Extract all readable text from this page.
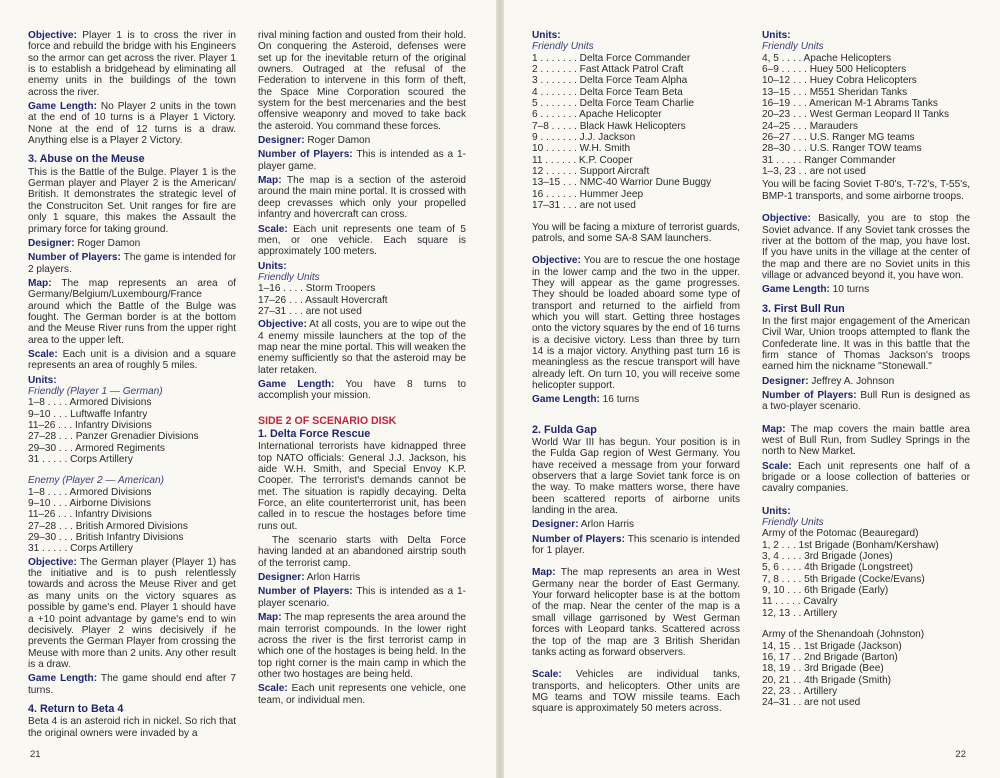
Objective: Player 1 is to cross the river in force and rebuild the bridge with his Engineers so the armor can get across the river. Player 1 is to establish a bridgehead by eliminating all enemy units in the buildings of the town across the river.

Game Length: No Player 2 units in the town at the end of 10 turns is a Player 1 Victory. None at the end of 12 turns is a draw. Anything else is a Player 2 Victory.

3. Abuse on the Meuse

This is the Battle of the Bulge. Player 1 is the German player and Player 2 is the American/ British. It demonstrates the strategic level of the Construciton Set. Unit ranges for fire are only 1 square, this makes the Assault the primary force for taking ground.

Designer: Roger Damon

Number of Players: The game is intended for 2 players.

Map: The map represents an area of Germany/Belgium/Luxembourg/France around which the Battle of the Bulge was fought. The German border is at the bottom and the Meuse River runs from the upper right area to the upper left.

Scale: Each unit is a division and a square represents an area of roughly 5 miles.

Units:
Friendly (Player 1 — German)
1–8 . . . . Armored Divisions
9–10 . . . Luftwaffe Infantry
11–26 . . . Infantry Divisions
27–28 . . . Panzer Grenadier Divisions
29–30 . . . Armored Regiments
31 . . . . . Corps Artillery
Enemy (Player 2 — American)
1–8 . . . . Armored Divisions
9–10 . . . Airborne Divisions
11–26 . . . Infantry Divisions
27–28 . . . British Armored Divisions
29–30 . . . British Infantry Divisions
31 . . . . . Corps Artillery

Objective: The German player (Player 1) has the initiative and is to push relentlessly towards and across the Meuse River and get as many units on the victory squares as possible by game's end. Player 1 should have a +10 point advantage by game's end to win decisively. Player 2 wins decisively if he prevents the German Player from crossing the Meuse with more than 2 units. Any other result is a draw.

Game Length: The game should end after 7 turns.

4. Return to Beta 4

Beta 4 is an asteroid rich in nickel. So rich that the original owners were invaded by a

rival mining faction and ousted from their hold. On conquering the Asteroid, defenses were set up for the inevitable return of the original owners. Outraged at the refusal of the Federation to intervene in this form of theft, the Space Mine Corporation scoured the system for the best mercenaries and the best offensive weaponry and moved to take back the asteroid. You command these forces.

Designer: Roger Damon

Number of Players: This is intended as a 1-player game.

Map: The map is a section of the asteroid around the main mine portal. It is crossed with deep crevasses which only your propelled infantry and hovercraft can cross.

Scale: Each unit represents one team of 5 men, or one vehicle. Each square is approximately 100 meters.

Units:
Friendly Units
1–16 . . . . Storm Troopers
17–26 . . . Assault Hovercraft
27–31 . . . are not used

Objective: At all costs, you are to wipe out the 4 enemy missile launchers at the top of the map near the mine portal. This will weaken the enemy sufficiently so that the asteroid may be later retaken.

Game Length: You have 8 turns to accomplish your mission.

SIDE 2 OF SCENARIO DISK
1. Delta Force Rescue

International terrorists have kidnapped three top NATO officials: General J.J. Jackson, his aide W.H. Smith, and Special Envoy K.P. Cooper. The terrorist's demands cannot be met. The situation is rapidly decaying. Delta Force, an elite counterterrorist unit, has been called in to rescue the hostages before time runs out.

The scenario starts with Delta Force having landed at an abandoned airstrip south of the terrorist camp.

Designer: Arlon Harris

Number of Players: This is intended as a 1-player scenario.

Map: The map represents the area around the main terrorist compounds. In the lower right across the river is the first terrorist camp in which one of the hostages is being held. In the top right corner is the main camp in which the other two hostages are being held.

Scale: Each unit represents one vehicle, one team, or individual men.

21
Units:
Friendly Units
1 . . . . . . . Delta Force Commander
2 . . . . . . . Fast Attack Patrol Craft
3 . . . . . . . Delta Force Team Alpha
4 . . . . . . . Delta Force Team Beta
5 . . . . . . . Delta Force Team Charlie
6 . . . . . . . Apache Helicopter
7–8 . . . . . Black Hawk Helicopters
9 . . . . . . . J.J. Jackson
10 . . . . . . W.H. Smith
11 . . . . . . K.P. Cooper
12 . . . . . . Support Aircraft
13–15 . . . NMC-40 Warrior Dune Buggy
16 . . . . . . Hummer Jeep
17–31 . . . are not used

You will be facing a mixture of terrorist guards, patrols, and some SA-8 SAM launchers.

Objective: You are to rescue the one hostage in the lower camp and the two in the upper. They will appear as the game progresses. They should be loaded aboard some type of transport and returned to the airfield from which you will start. Getting three hostages onto the victory squares by the end of 16 turns is a decisive victory. Less than three by turn 14 is a major victory. Anything past turn 16 is meaningless as the rescue transport will have already left. On turn 10, you will receive some helicopter support.

Game Length: 16 turns

2. Fulda Gap

World War III has begun. Your position is in the Fulda Gap region of West Germany. You have received a message from your forward observers that a large Soviet tank force is on the way. To make matters worse, there have been scattered reports of airborne units landing in the area.

Designer: Arlon Harris

Number of Players: This scenario is intended for 1 player.

Map: The map represents an area in West Germany near the border of East Germany. Your forward helicopter base is at the bottom of the map. Near the center of the map is a small village garrisoned by West German forces with Leopard tanks. Scattered across the top of the map are 3 British Sheridan tanks acting as forward observers.

Scale: Vehicles are individual tanks, transports, and helicopters. Other units are MG teams and TOW missile teams. Each square is approximately 50 meters across.

Units:
Friendly Units
4, 5 . . . . Apache Helicopters
6–9 . . . . . Huey 500 Helicopters
10–12 . . . Huey Cobra Helicopters
13–15 . . . M551 Sheridan Tanks
16–19 . . . American M-1 Abrams Tanks
20–23 . . . West German Leopard II Tanks
24–25 . . . Marauders
26–27 . . . U.S. Ranger MG teams
28–30 . . . U.S. Ranger TOW teams
31 . . . . . Ranger Commander
1–3, 23 . . are not used

You will be facing Soviet T-80's, T-72's, T-55's, BMP-1 transports, and some airborne troops.

Objective: Basically, you are to stop the Soviet advance. If any Soviet tank crosses the river at the bottom of the map, you have lost. If you have units in the village at the center of the map and there are no Soviet units in this village or advanced beyond it, you have won.

Game Length: 10 turns

3. First Bull Run

In the first major engagement of the American Civil War, Union troops attempted to flank the Confederate line. It was in this battle that the firm stance of Thomas Jackson's troops earned him the nickname "Stonewall."

Designer: Jeffrey A. Johnson

Number of Players: Bull Run is designed as a two-player scenario.

Map: The map covers the main battle area west of Bull Run, from Sudley Springs in the north to New Market.

Scale: Each unit represents one half of a brigade or a loose collection of batteries or cavalry companies.

Units:
Friendly Units
Army of the Potomac (Beauregard)
1, 2 . . . 1st Brigade (Bonham/Kershaw)
3, 4 . . . . 3rd Brigade (Jones)
5, 6 . . . . 4th Brigade (Longstreet)
7, 8 . . . . 5th Brigade (Cocke/Evans)
9, 10 . . . 6th Brigade (Early)
11 . . . . . Cavalry
12, 13 . . Artillery
Army of the Shenandoah (Johnston)
14, 15 . . 1st Brigade (Jackson)
16, 17 . . 2nd Brigade (Barton)
18, 19 . . 3rd Brigade (Bee)
20, 21 . . 4th Brigade (Smith)
22, 23 . . Artillery
24–31 . . are not used
22
